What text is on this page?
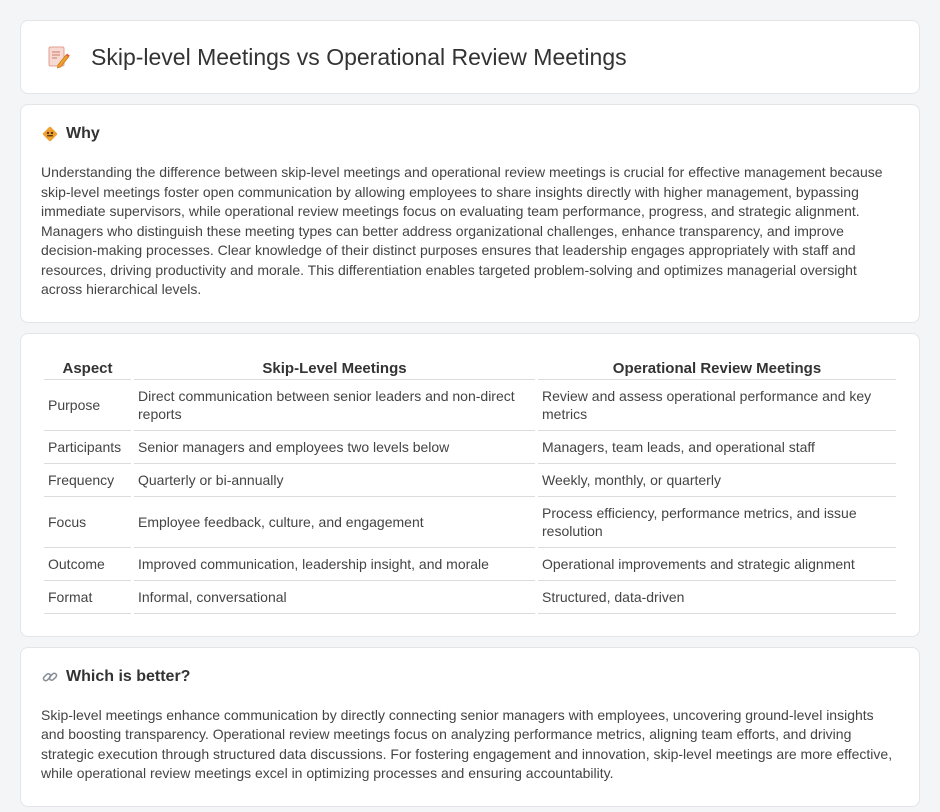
Skip-level Meetings vs Operational Review Meetings
Why

Understanding the difference between skip-level meetings and operational review meetings is crucial for effective management because skip-level meetings foster open communication by allowing employees to share insights directly with higher management, bypassing immediate supervisors, while operational review meetings focus on evaluating team performance, progress, and strategic alignment. Managers who distinguish these meeting types can better address organizational challenges, enhance transparency, and improve decision-making processes. Clear knowledge of their distinct purposes ensures that leadership engages appropriately with staff and resources, driving productivity and morale. This differentiation enables targeted problem-solving and optimizes managerial oversight across hierarchical levels.

Aspect	Skip-Level Meetings	Operational Review Meetings
Purpose	Direct communication between senior leaders and non-direct reports	Review and assess operational performance and key metrics
Participants	Senior managers and employees two levels below	Managers, team leads, and operational staff
Frequency	Quarterly or bi-annually	Weekly, monthly, or quarterly
Focus	Employee feedback, culture, and engagement	Process efficiency, performance metrics, and issue resolution
Outcome	Improved communication, leadership insight, and morale	Operational improvements and strategic alignment
Format	Informal, conversational	Structured, data-driven
Which is better?

Skip-level meetings enhance communication by directly connecting senior managers with employees, uncovering ground-level insights and boosting transparency. Operational review meetings focus on analyzing performance metrics, aligning team efforts, and driving strategic execution through structured data discussions. For fostering engagement and innovation, skip-level meetings are more effective, while operational review meetings excel in optimizing processes and ensuring accountability.
